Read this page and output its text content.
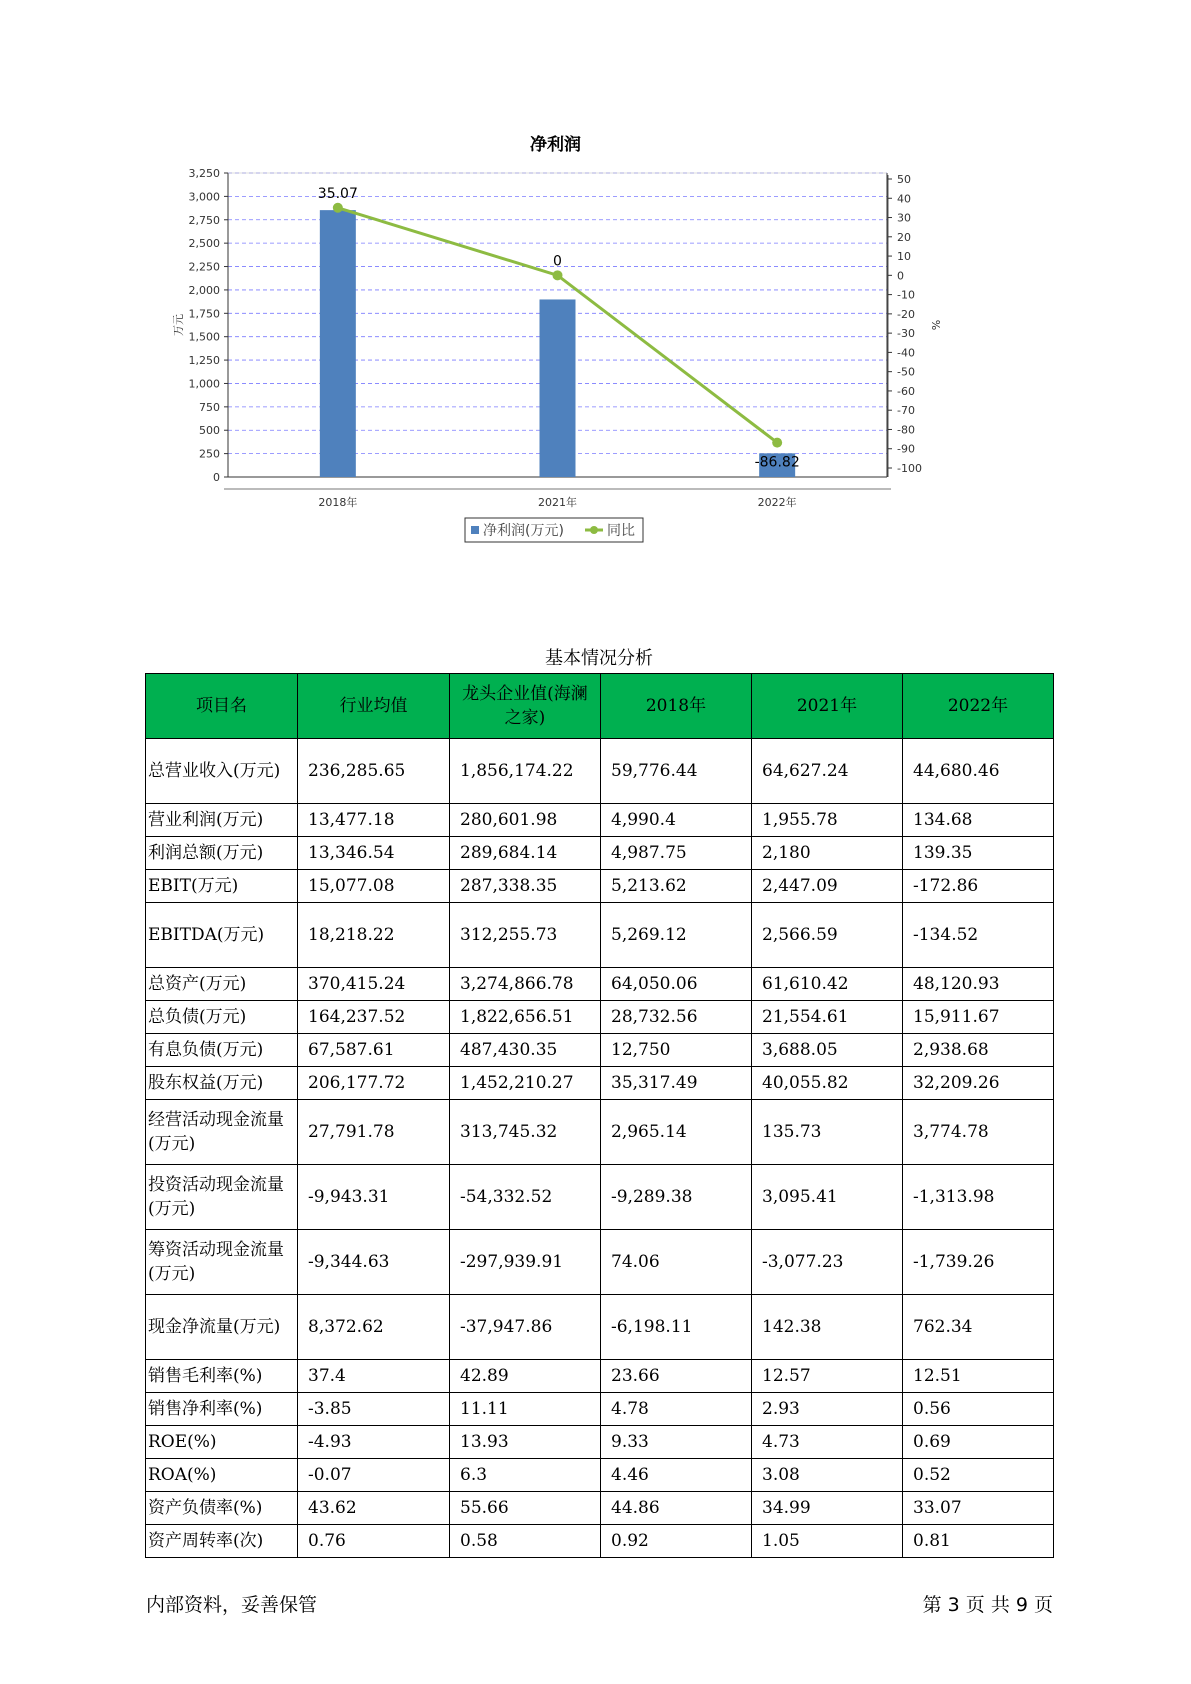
净利润
0
250
500
750
1,000
1,250
1,500
1,750
2,000
2,250
2,500
2,750
3,000
3,250	50
40
30
20
10
0
-10
-20
-30
-40
-50
-60
-70
-80
-90
-100
万元	%
2018年	2021年	2022年
35.07
0
-86.82
净利润(万元)	同比
基本情况分析
项目名	行业均值	龙头企业值(海澜之家)	2018年	2021年	2022年
总营业收入(万元)	236,285.65	1,856,174.22	59,776.44	64,627.24	44,680.46
营业利润(万元)	13,477.18	280,601.98	4,990.4	1,955.78	134.68
利润总额(万元)	13,346.54	289,684.14	4,987.75	2,180	139.35
EBIT(万元)	15,077.08	287,338.35	5,213.62	2,447.09	-172.86
EBITDA(万元)	18,218.22	312,255.73	5,269.12	2,566.59	-134.52
总资产(万元)	370,415.24	3,274,866.78	64,050.06	61,610.42	48,120.93
总负债(万元)	164,237.52	1,822,656.51	28,732.56	21,554.61	15,911.67
有息负债(万元)	67,587.61	487,430.35	12,750	3,688.05	2,938.68
股东权益(万元)	206,177.72	1,452,210.27	35,317.49	40,055.82	32,209.26
经营活动现金流量(万元)	27,791.78	313,745.32	2,965.14	135.73	3,774.78
投资活动现金流量(万元)	-9,943.31	-54,332.52	-9,289.38	3,095.41	-1,313.98
筹资活动现金流量(万元)	-9,344.63	-297,939.91	74.06	-3,077.23	-1,739.26
现金净流量(万元)	8,372.62	-37,947.86	-6,198.11	142.38	762.34
销售毛利率(%)	37.4	42.89	23.66	12.57	12.51
销售净利率(%)	-3.85	11.11	4.78	2.93	0.56
ROE(%)	-4.93	13.93	9.33	4.73	0.69
ROA(%)	-0.07	6.3	4.46	3.08	0.52
资产负债率(%)	43.62	55.66	44.86	34.99	33.07
资产周转率(次)	0.76	0.58	0.92	1.05	0.81
内部资料，妥善保管	第 3 页 共 9 页
